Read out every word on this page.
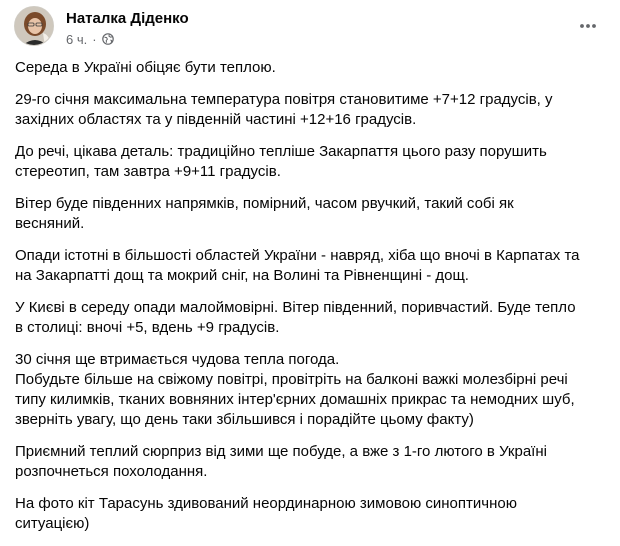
Наталка Діденко
6 ч. ·

Середа в Україні обіцяє бути теплою.

29-го січня максимальна температура повітря становитиме +7+12 градусів, у
західних областях та у південній частині +12+16 градусів.

До речі, цікава деталь: традиційно тепліше Закарпаття цього разу порушить
стереотип, там завтра +9+11 градусів.

Вітер буде південних напрямків, помірний, часом рвучкий, такий собі як
весняний.

Опади істотні в більшості областей України - навряд, хіба що вночі в Карпатах та
на Закарпатті дощ та мокрий сніг, на Волині та Рівненщині - дощ.

У Києві в середу опади малоймовірні. Вітер південний, поривчастий. Буде тепло
в столиці: вночі +5, вдень +9 градусів.

30 січня ще втримається чудова тепла погода.
Побудьте більше на свіжому повітрі, провітріть на балконі важкі молезбірні речі
типу килимків, тканих вовняних інтер'єрних домашніх прикрас та немодних шуб,
зверніть увагу, що день таки збільшився і порадійте цьому факту)

Приємний теплий сюрприз від зими ще побуде, а вже з 1-го лютого в Україні
розпочнеться похолодання.

На фото кіт Тарасунь здивований неординарною зимовою синоптичною
ситуацією)
